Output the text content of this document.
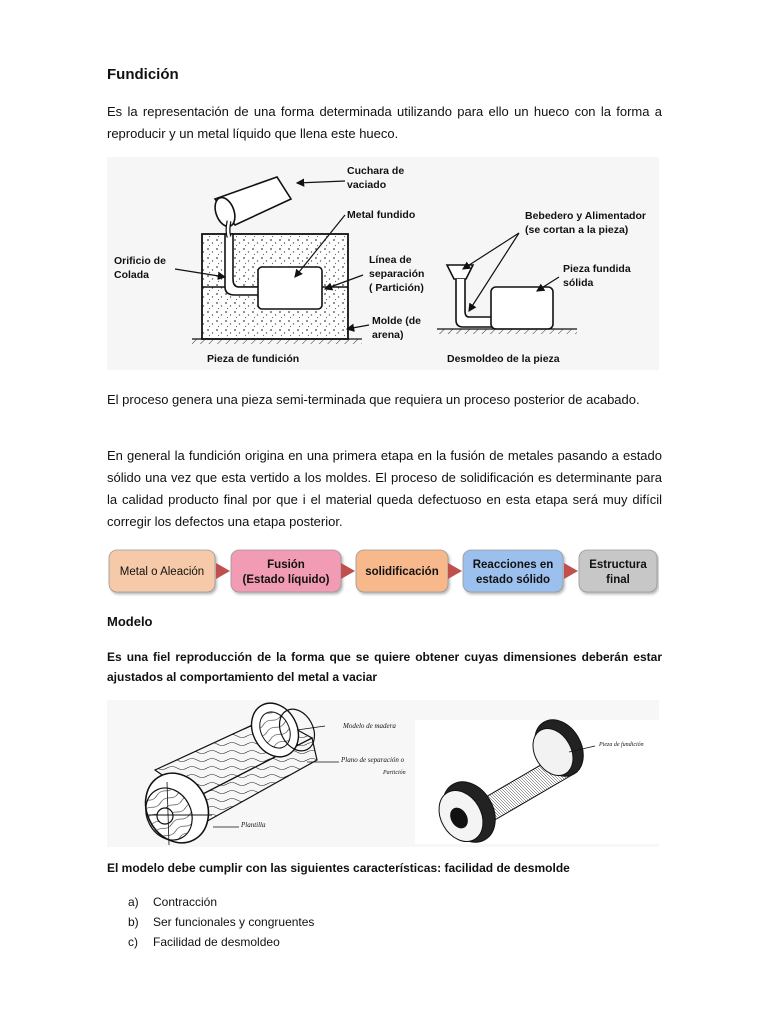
Fundición
Es la representación de una forma determinada utilizando para ello un hueco con la forma a reproducir y un metal líquido que llena este hueco.
Cuchara de vaciado
Metal fundido
Orificio de Colada
Línea de separación ( Partición)
Molde (de arena)
Pieza de fundición
Bebedero y Alimentador (se cortan a la pieza)
Pieza fundida sólida
Desmoldeo de la pieza
El proceso genera una pieza semi-terminada que requiera un proceso posterior de acabado.
En general la fundición origina en una primera etapa en la fusión de metales pasando a estado sólido una vez que esta vertido a los moldes. El proceso de solidificación es determinante para la calidad producto final por que i el material queda defectuoso en esta etapa será muy difícil corregir los defectos una etapa posterior.
Metal o Aleación
Fusión (Estado líquido)
solidificación
Reacciones en estado sólido
Estructura final
Modelo
Es una fiel reproducción de la forma que se quiere obtener cuyas dimensiones deberán estar ajustados al comportamiento del metal a vaciar
Modelo de madera
Plano de separación o
Partición
Plantilla
Pieza de fundición
El modelo debe cumplir con las siguientes características: facilidad de desmolde
a) Contracción
b) Ser funcionales y congruentes
c)	Facilidad de desmoldeo
